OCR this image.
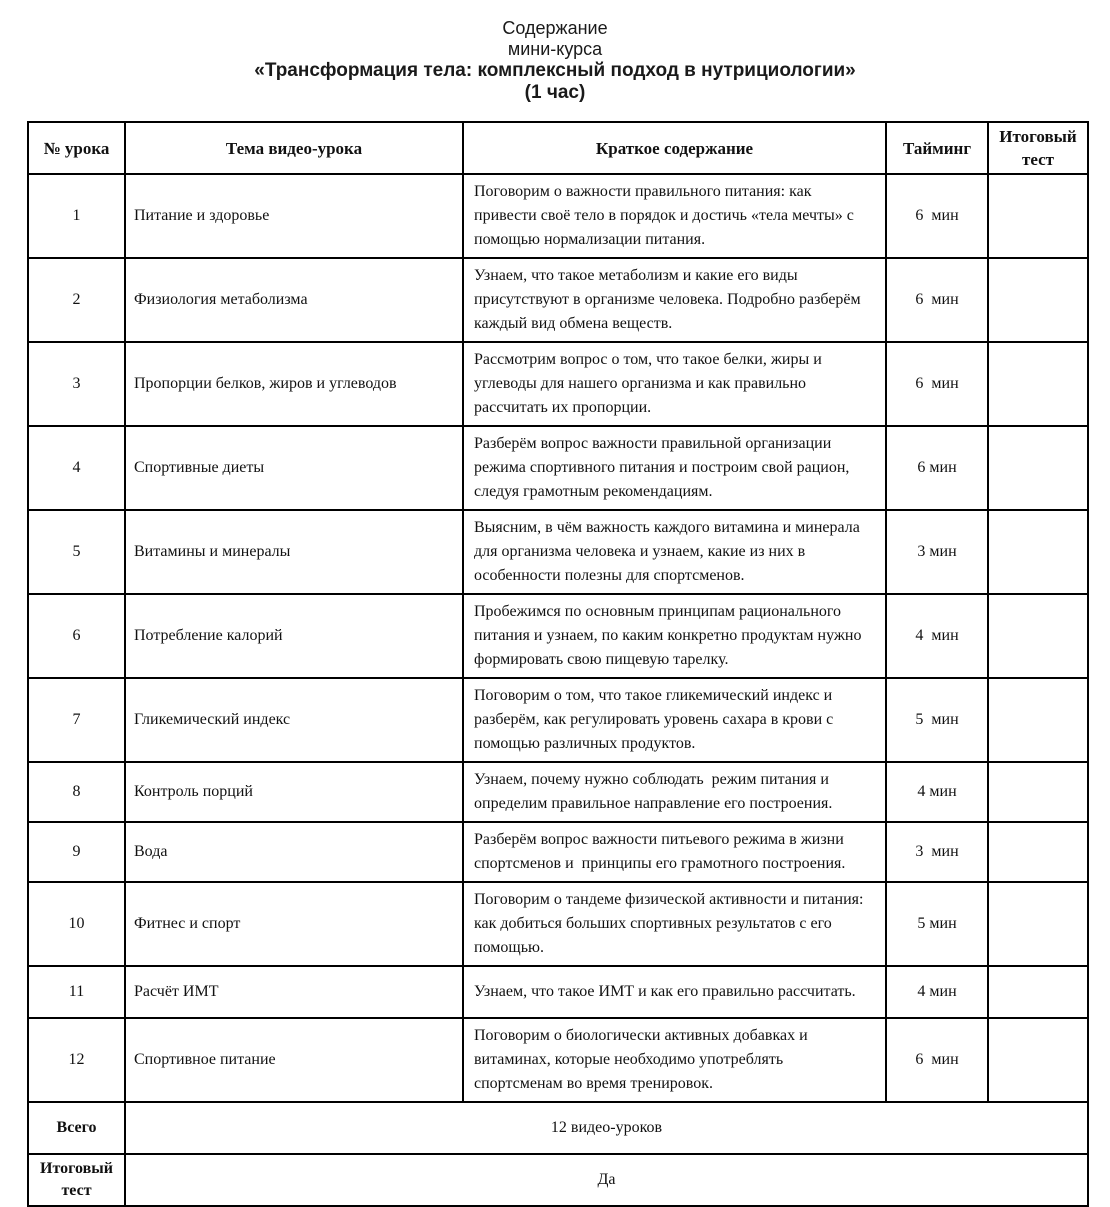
Содержание

мини-курса

«Трансформация тела: комплексный подход в нутрициологии»

(1 час)

№ урока	Тема видео-урока	Краткое содержание	Тайминг	Итоговый тест
1	Питание и здоровье	Поговорим о важности правильного питания: как привести своё тело в порядок и достичь «тела мечты» с помощью нормализации питания.	6  мин	
2	Физиология метаболизма	Узнаем, что такое метаболизм и какие его виды присутствуют в организме человека. Подробно разберём каждый вид обмена веществ.	6  мин	
3	Пропорции белков, жиров и углеводов	Рассмотрим вопрос о том, что такое белки, жиры и углеводы для нашего организма и как правильно рассчитать их пропорции.	6  мин	
4	Спортивные диеты	Разберём вопрос важности правильной организации режима спортивного питания и построим свой рацион, следуя грамотным рекомендациям.	6 мин	
5	Витамины и минералы	Выясним, в чём важность каждого витамина и минерала для организма человека и узнаем, какие из них в особенности полезны для спортсменов.	3 мин	
6	Потребление калорий	Пробежимся по основным принципам рационального питания и узнаем, по каким конкретно продуктам нужно формировать свою пищевую тарелку.	4  мин	
7	Гликемический индекс	Поговорим о том, что такое гликемический индекс и разберём, как регулировать уровень сахара в крови с помощью различных продуктов.	5  мин	
8	Контроль порций	Узнаем, почему нужно соблюдать  режим питания и определим правильное направление его построения.	4 мин	
9	Вода	Разберём вопрос важности питьевого режима в жизни спортсменов и  принципы его грамотного построения.	3  мин	
10	Фитнес и спорт	Поговорим о тандеме физической активности и питания: как добиться больших спортивных результатов с его помощью.	5 мин	
11	Расчёт ИМТ	Узнаем, что такое ИМТ и как его правильно рассчитать.	4 мин	
12	Спортивное питание	Поговорим о биологически активных добавках и витаминах, которые необходимо употреблять спортсменам во время тренировок.	6  мин	
Всего	12 видео-уроков			
Итоговый тест	Да			
